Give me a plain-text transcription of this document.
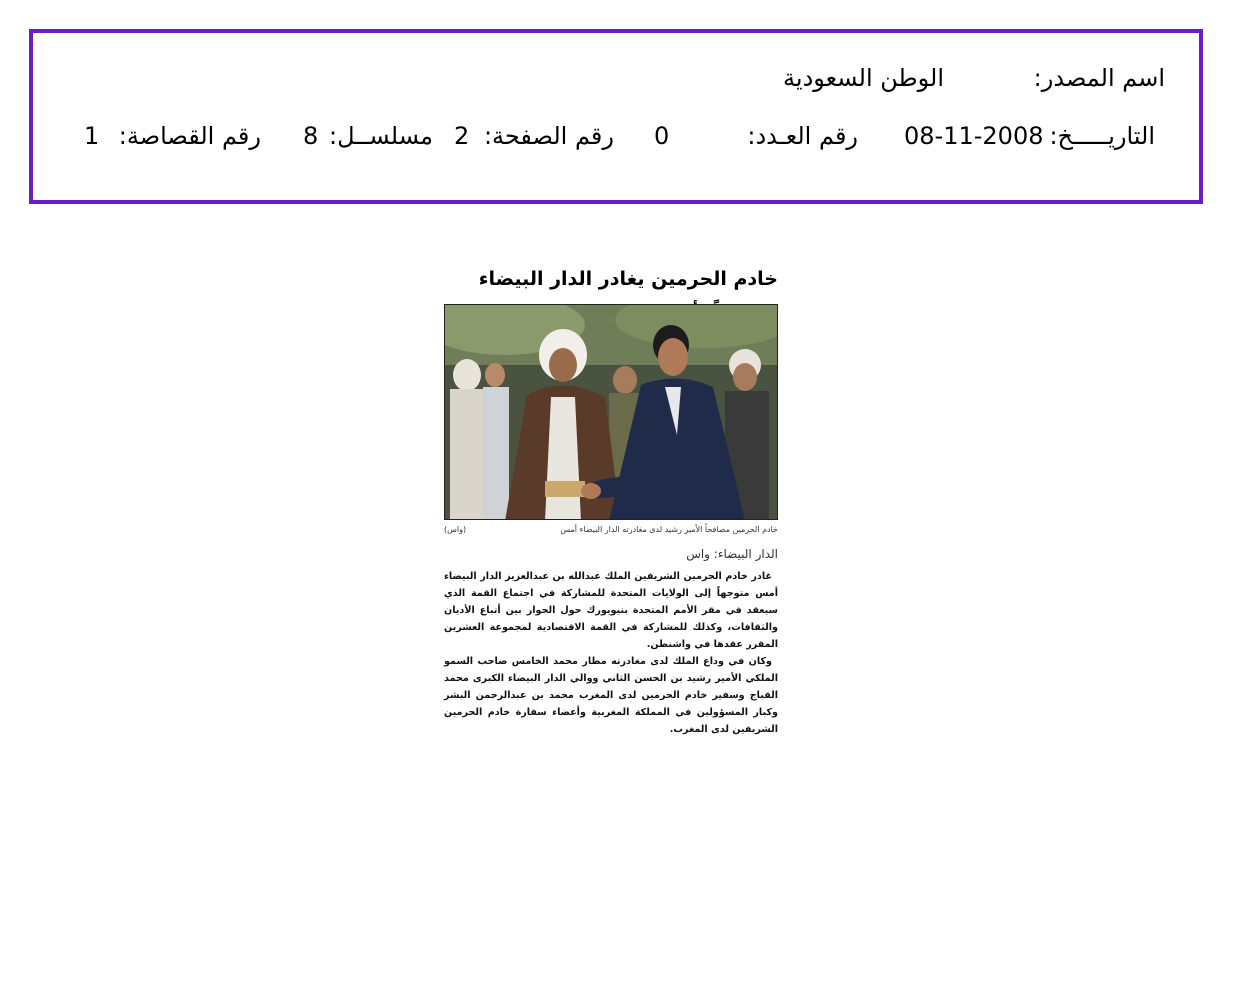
اسم المصدر:
الوطن السعودية
التاريـــــخ:
08-11-2008
رقم العـدد:
0
رقم الصفحة:
2
مسلســل:
8
رقم القصاصة:
1
خادم الحرمين يغادر الدار البيضاء
خادم الحرمين مصافحاً الأمير رشيد لدى مغادرته الدار البيضاء أمس
(واس)
الدار البيضاء: واس

غادر خادم الحرمين الشريفين الملك عبدالله بن عبدالعزيز الدار البيضاء أمس متوجهاً إلى الولايات المتحدة للمشاركة في اجتماع القمة الذي سيعقد في مقر الأمم المتحدة بنيويورك حول الحوار بين أتباع الأديان والثقافات، وكذلك للمشاركة في القمة الاقتصادية لمجموعة العشرين المقرر عقدها في واشنطن.

وكان في وداع الملك لدى مغادرته مطار محمد الخامس صاحب السمو الملكي الأمير رشيد بن الحسن الثاني ووالي الدار البيضاء الكبرى محمد القباج وسفير خادم الحرمين لدى المغرب محمد بن عبدالرحمن البشر وكبار المسؤولين في المملكة المغربية وأعضاء سفارة خادم الحرمين الشريفين لدى المغرب.
